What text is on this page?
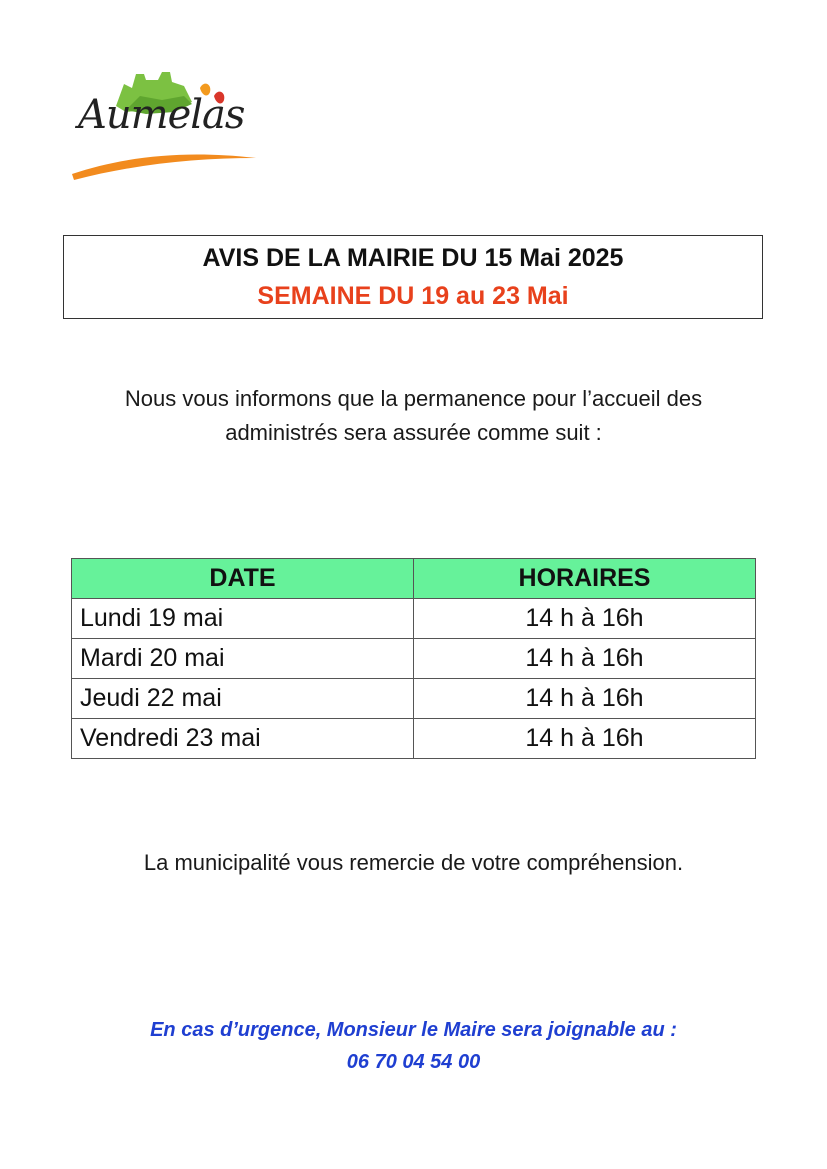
Aumelas
AVIS DE LA MAIRIE DU 15 Mai 2025
SEMAINE DU 19 au 23 Mai
Nous vous informons que la permanence pour l’accueil des
administrés sera assurée comme suit :
DATE	HORAIRES
Lundi 19 mai	14 h à 16h
Mardi 20 mai	14 h à 16h
Jeudi 22 mai	14 h à 16h
Vendredi 23 mai	14 h à 16h
La municipalité vous remercie de votre compréhension.
En cas d’urgence, Monsieur le Maire sera joignable au :
06 70 04 54 00
